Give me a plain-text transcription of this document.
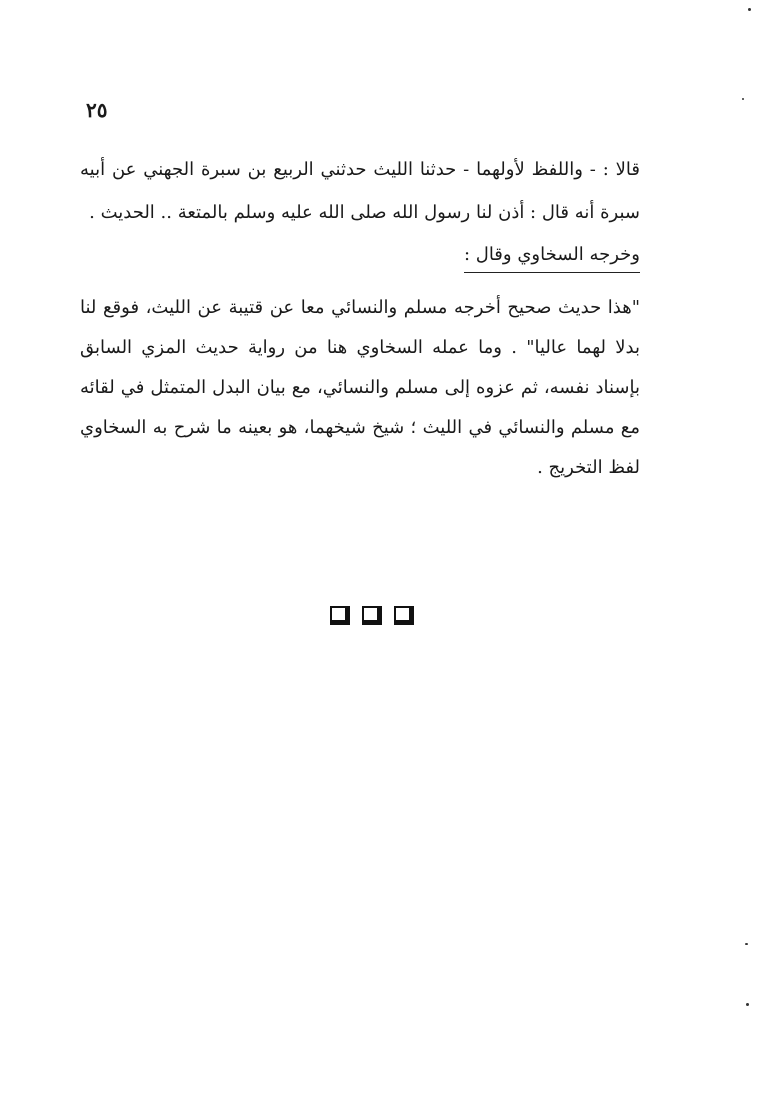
٢٥

قالا : - واللفظ لأولهما - حدثنا الليث حدثني الربيع بن سبرة الجهني عن أبيه سبرة أنه قال : أذن لنا رسول الله صلى الله عليه وسلم بالمتعة .. الحديث .

وخرجه السخاوي وقال :

"هذا حديث صحيح أخرجه مسلم والنسائي معا عن قتيبة عن الليث، فوقع لنا بدلا لهما عاليا" . وما عمله السخاوي هنا من رواية حديث المزي السابق بإسناد نفسه، ثم عزوه إلى مسلم والنسائي، مع بيان البدل المتمثل في لقائه مع مسلم والنسائي في الليث ؛ شيخ شيخهما، هو بعينه ما شرح به السخاوي لفظ التخريج .
